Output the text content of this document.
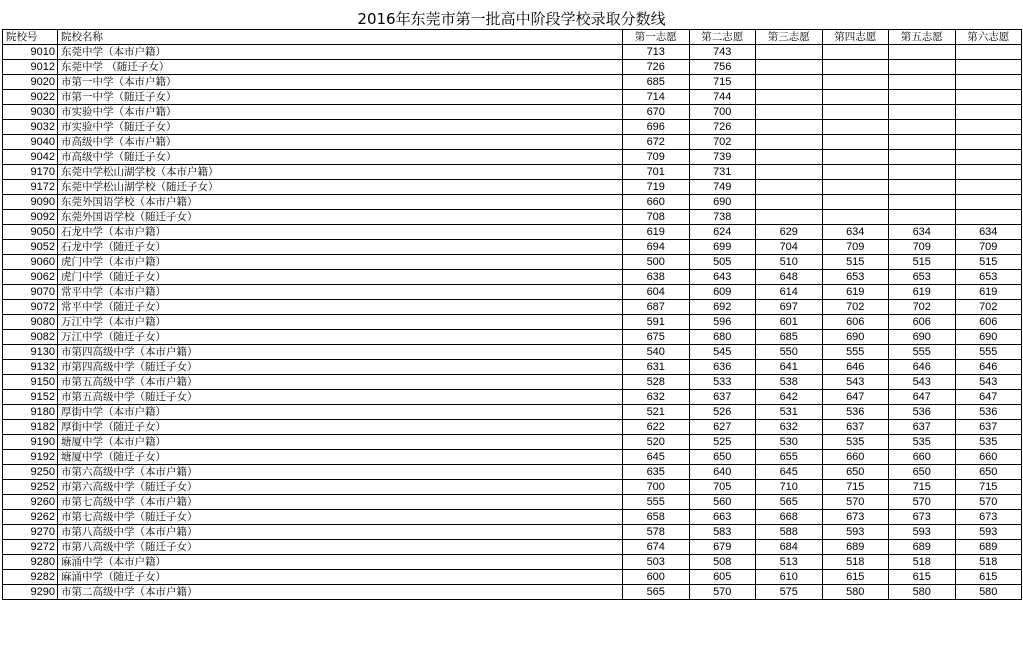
2016年东莞市第一批高中阶段学校录取分数线
院校号	院校名称	第一志愿	第二志愿	第三志愿	第四志愿	第五志愿	第六志愿
9010	东莞中学（本市户籍）	713	743				
9012	东莞中学 （随迁子女）	726	756				
9020	市第一中学（本市户籍）	685	715				
9022	市第一中学（随迁子女）	714	744				
9030	市实验中学（本市户籍）	670	700				
9032	市实验中学（随迁子女）	696	726				
9040	市高级中学（本市户籍）	672	702				
9042	市高级中学（随迁子女）	709	739				
9170	东莞中学松山湖学校（本市户籍）	701	731				
9172	东莞中学松山湖学校（随迁子女）	719	749				
9090	东莞外国语学校（本市户籍）	660	690				
9092	东莞外国语学校（随迁子女）	708	738				
9050	石龙中学（本市户籍）	619	624	629	634	634	634
9052	石龙中学（随迁子女）	694	699	704	709	709	709
9060	虎门中学（本市户籍）	500	505	510	515	515	515
9062	虎门中学（随迁子女）	638	643	648	653	653	653
9070	常平中学（本市户籍）	604	609	614	619	619	619
9072	常平中学（随迁子女）	687	692	697	702	702	702
9080	万江中学（本市户籍）	591	596	601	606	606	606
9082	万江中学（随迁子女）	675	680	685	690	690	690
9130	市第四高级中学（本市户籍）	540	545	550	555	555	555
9132	市第四高级中学（随迁子女）	631	636	641	646	646	646
9150	市第五高级中学（本市户籍）	528	533	538	543	543	543
9152	市第五高级中学（随迁子女）	632	637	642	647	647	647
9180	厚街中学（本市户籍）	521	526	531	536	536	536
9182	厚街中学（随迁子女）	622	627	632	637	637	637
9190	塘厦中学（本市户籍）	520	525	530	535	535	535
9192	塘厦中学（随迁子女）	645	650	655	660	660	660
9250	市第六高级中学（本市户籍）	635	640	645	650	650	650
9252	市第六高级中学（随迁子女）	700	705	710	715	715	715
9260	市第七高级中学（本市户籍）	555	560	565	570	570	570
9262	市第七高级中学（随迁子女）	658	663	668	673	673	673
9270	市第八高级中学（本市户籍）	578	583	588	593	593	593
9272	市第八高级中学（随迁子女）	674	679	684	689	689	689
9280	麻涌中学（本市户籍）	503	508	513	518	518	518
9282	麻涌中学（随迁子女）	600	605	610	615	615	615
9290	市第二高级中学（本市户籍）	565	570	575	580	580	580
